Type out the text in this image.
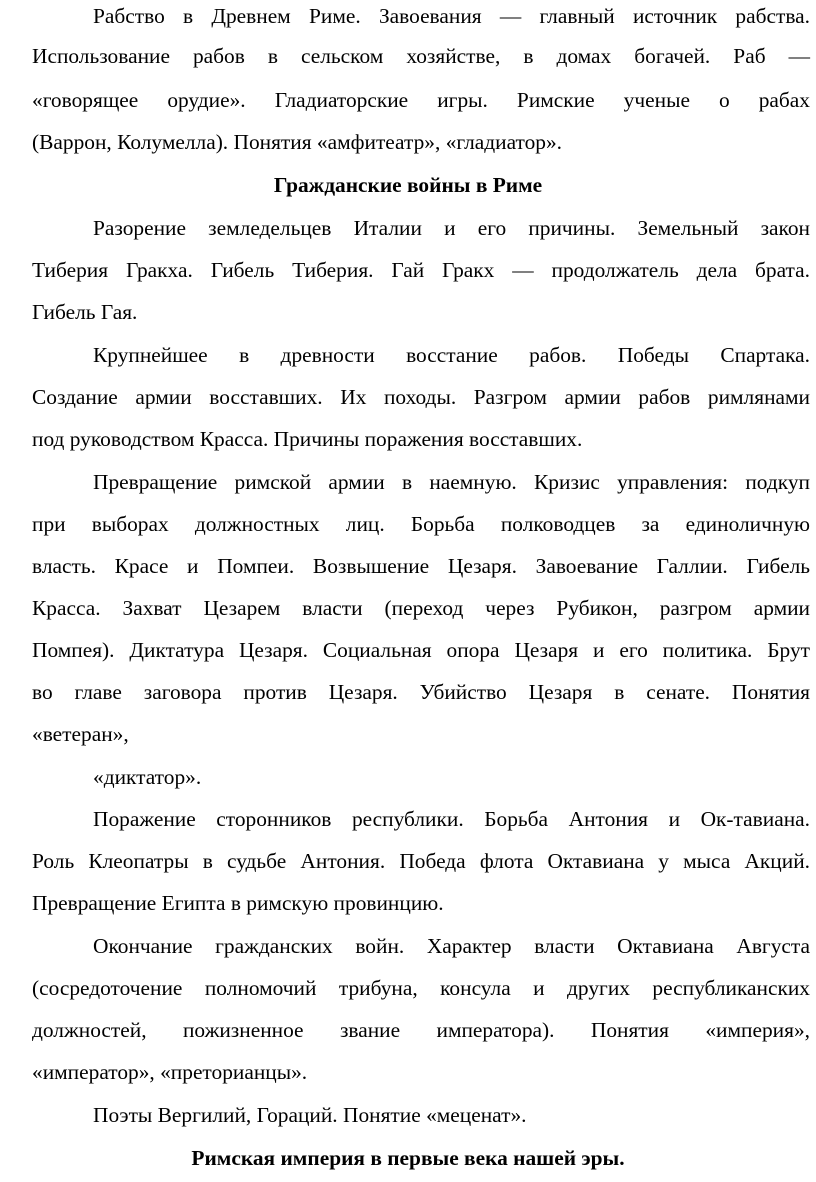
Рабство в Древнем Риме. Завоевания — главный источник рабства.
Использование рабов в сельском хозяйстве, в домах богачей. Раб —
«говорящее орудие». Гладиаторские игры. Римские ученые о рабах
(Варрон, Колумелла). Понятия «амфитеатр», «гладиатор».
Гражданские войны в Риме
Разорение земледельцев Италии и его причины. Земельный закон
Тиберия Гракха. Гибель Тиберия. Гай Гракх — продолжатель дела брата.
Гибель Гая.
Крупнейшее в древности восстание рабов. Победы Спартака.
Создание армии восставших. Их походы. Разгром армии рабов римлянами
под руководством Красса. Причины поражения восставших.
Превращение римской армии в наемную. Кризис управления: подкуп
при выборах должностных лиц. Борьба полководцев за единоличную
власть. Красе и Помпеи. Возвышение Цезаря. Завоевание Галлии. Гибель
Красса. Захват Цезарем власти (переход через Рубикон, разгром армии
Помпея). Диктатура Цезаря. Социальная опора Цезаря и его политика. Брут
во главе заговора против Цезаря. Убийство Цезаря в сенате. Понятия
«ветеран»,
«диктатор».
Поражение сторонников республики. Борьба Антония и Ок-тавиана.
Роль Клеопатры в судьбе Антония. Победа флота Октавиана у мыса Акций.
Превращение Египта в римскую провинцию.
Окончание гражданских войн. Характер власти Октавиана Августа
(сосредоточение полномочий трибуна, консула и других республиканских
должностей, пожизненное звание императора). Понятия «империя»,
«император», «преторианцы».
Поэты Вергилий, Гораций. Понятие «меценат».
Римская империя в первые века нашей эры.
